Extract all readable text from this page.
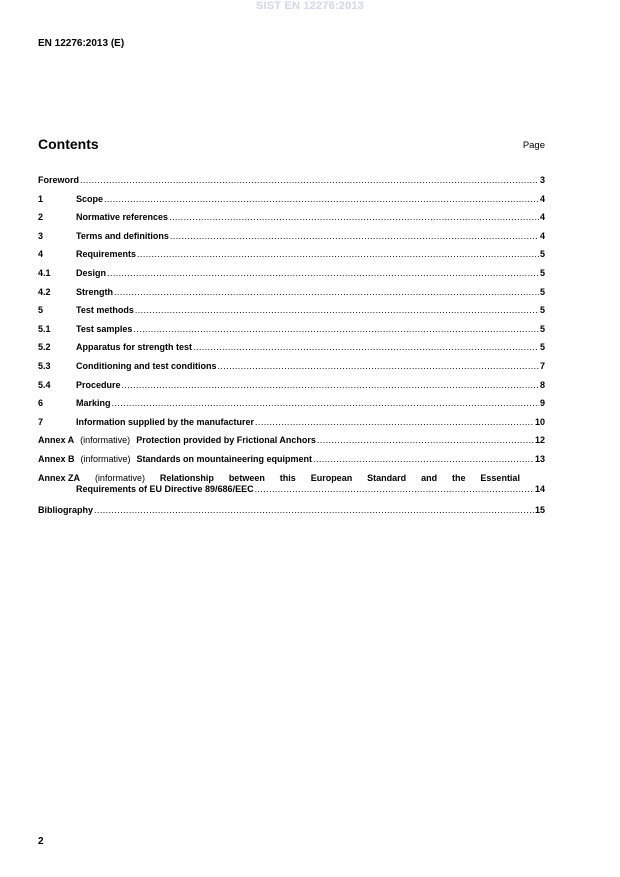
SIST EN 12276:2013
EN 12276:2013 (E)
Contents	Page
Foreword .....	3
1	Scope .....	4
2	Normative references .....	4
3	Terms and definitions .....	4
4	Requirements .....	5
4.1	Design .....	5
4.2	Strength .....	5
5	Test methods .....	5
5.1	Test samples .....	5
5.2	Apparatus for strength test .....	5
5.3	Conditioning and test conditions .....	7
5.4	Procedure .....	8
6	Marking .....	9
7	Information supplied by the manufacturer .....	10
Annex A (informative) Protection provided by Frictional Anchors .....	12
Annex B (informative) Standards on mountaineering equipment .....	13
Annex ZA (informative) Relationship between this European Standard and the Essential
Requirements of EU Directive 89/686/EEC .....	14
Bibliography .....	15
2
